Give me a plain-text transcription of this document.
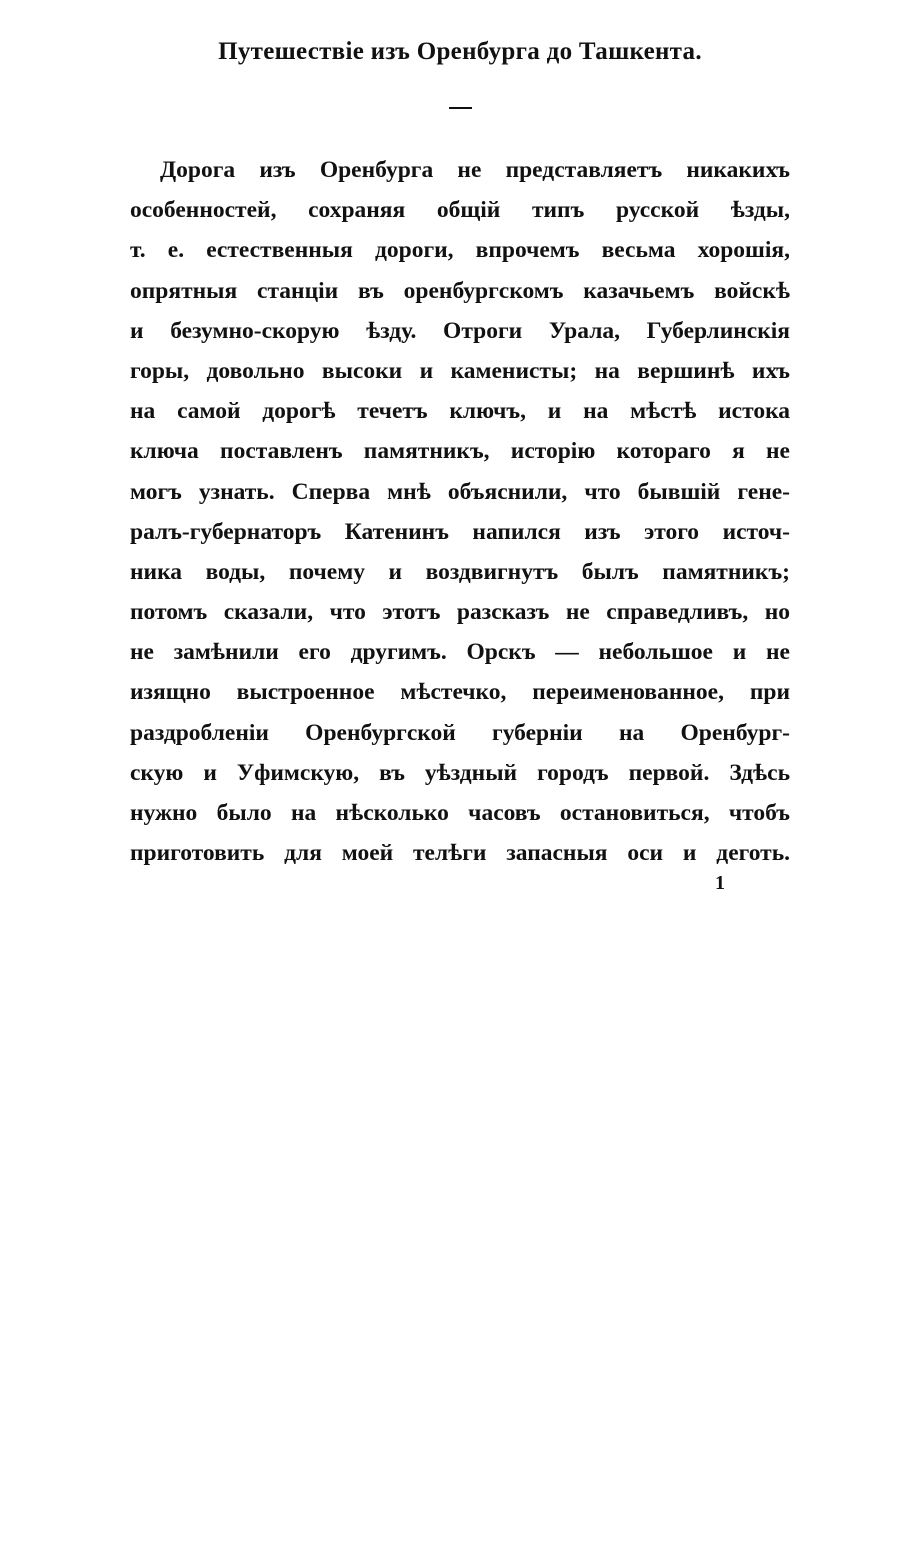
Путешествіе изъ Оренбурга до Ташкента.
Дорога изъ Оренбурга не представляетъ никакихъ
особенностей, сохраняя общій типъ русской ѣзды,
т. е. естественныя дороги, впрочемъ весьма хорошія,
опрятныя станціи въ оренбургскомъ казачьемъ войскѣ
и безумно-скорую ѣзду. Отроги Урала, Губерлинскія
горы, довольно высоки и каменисты; на вершинѣ ихъ
на самой дорогѣ течетъ ключъ, и на мѣстѣ истока
ключа поставленъ памятникъ, исторію котораго я не
могъ узнать. Сперва мнѣ объяснили, что бывшій гене-
ралъ-губернаторъ Катенинъ напился изъ этого источ-
ника воды, почему и воздвигнутъ былъ памятникъ;
потомъ сказали, что этотъ разсказъ не справедливъ, но
не замѣнили его другимъ. Орскъ — небольшое и не
изящно выстроенное мѣстечко, переименованное, при
раздробленіи Оренбургской губерніи на Оренбург-
скую и Уфимскую, въ уѣздный городъ первой. Здѣсь
нужно было на нѣсколько часовъ остановиться, чтобъ
приготовить для моей телѣги запасныя оси и деготь.
1
